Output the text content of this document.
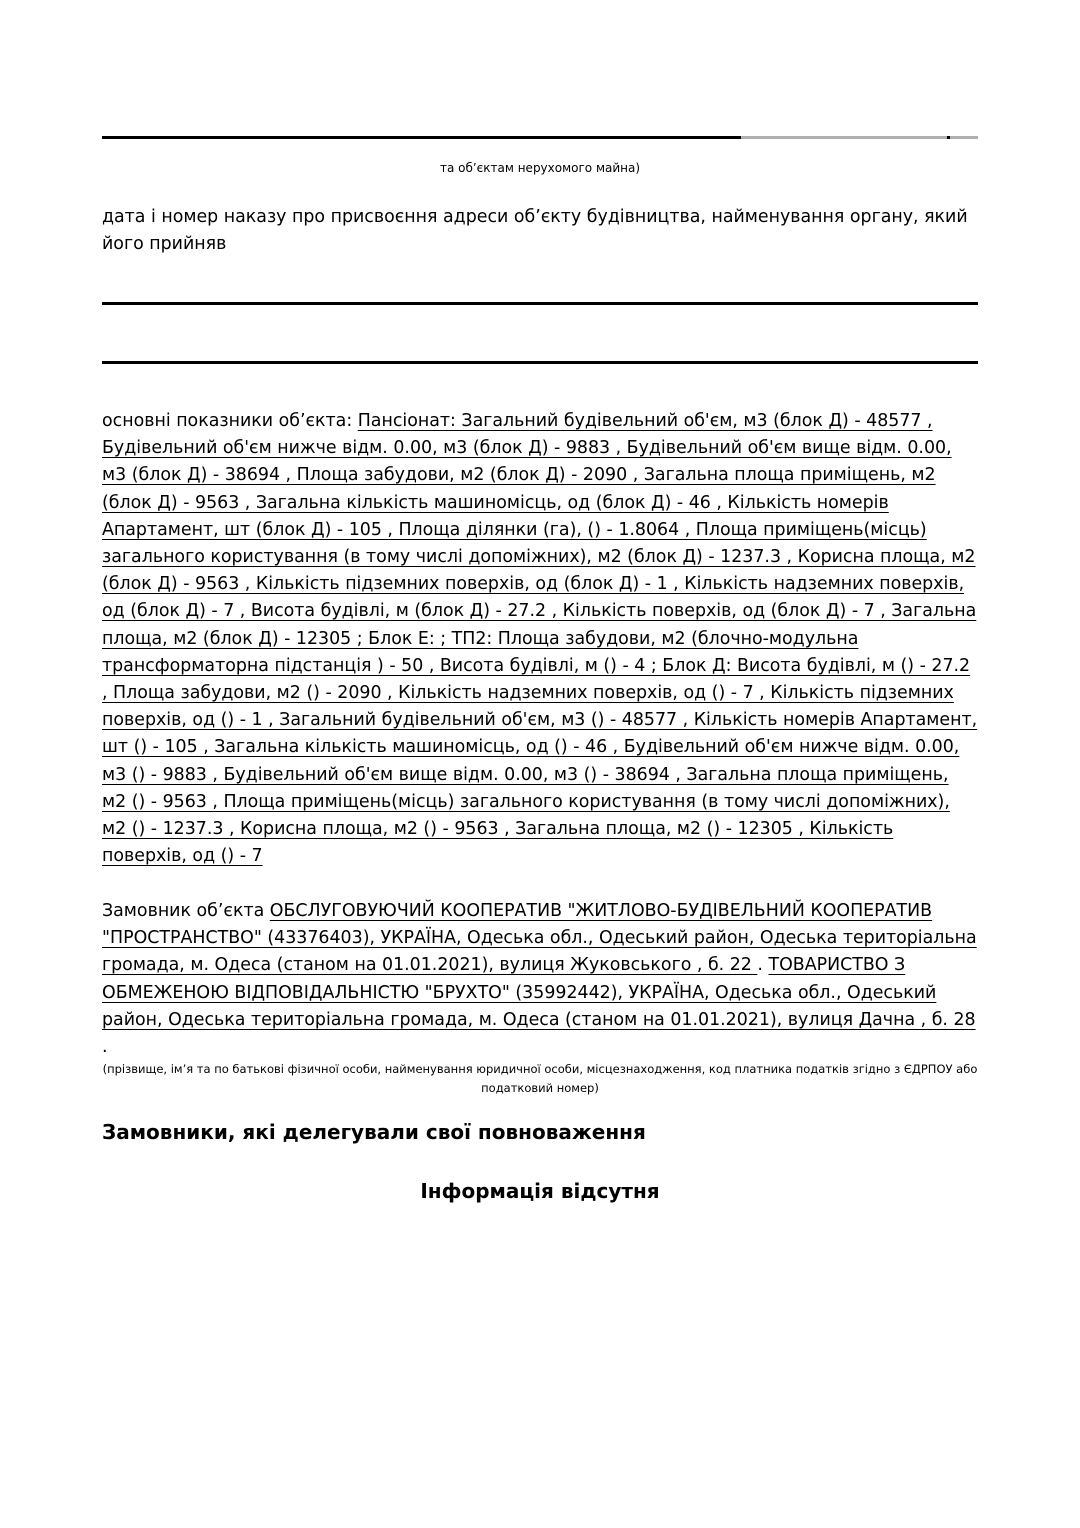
та об’єктам нерухомого майна)
дата і номер наказу про присвоєння адреси об’єкту будівництва, найменування органу, який його прийняв
основні показники об’єкта: Пансіонат: Загальний будівельний об'єм, м3 (блок Д) - 48577 , Будівельний об'єм нижче відм. 0.00, м3 (блок Д) - 9883 , Будівельний об'єм вище відм. 0.00, м3 (блок Д) - 38694 , Площа забудови, м2 (блок Д) - 2090 , Загальна площа приміщень, м2 (блок Д) - 9563 , Загальна кількість машиномісць, од (блок Д) - 46 , Кількість номерів Апартамент, шт (блок Д) - 105 , Площа ділянки (га), () - 1.8064 , Площа приміщень(місць) загального користування (в тому числі допоміжних), м2 (блок Д) - 1237.3 , Корисна площа, м2 (блок Д) - 9563 , Кількість підземних поверхів, од (блок Д) - 1 , Кількість надземних поверхів, од (блок Д) - 7 , Висота будівлі, м (блок Д) - 27.2 , Кількість поверхів, од (блок Д) - 7 , Загальна площа, м2 (блок Д) - 12305 ; Блок Е: ; ТП2: Площа забудови, м2 (блочно-модульна трансформаторна підстанція ) - 50 , Висота будівлі, м () - 4 ; Блок Д: Висота будівлі, м () - 27.2 , Площа забудови, м2 () - 2090 , Кількість надземних поверхів, од () - 7 , Кількість підземних поверхів, од () - 1 , Загальний будівельний об'єм, м3 () - 48577 , Кількість номерів Апартамент, шт () - 105 , Загальна кількість машиномісць, од () - 46 , Будівельний об'єм нижче відм. 0.00, м3 () - 9883 , Будівельний об'єм вище відм. 0.00, м3 () - 38694 , Загальна площа приміщень, м2 () - 9563 , Площа приміщень(місць) загального користування (в тому числі допоміжних), м2 () - 1237.3 , Корисна площа, м2 () - 9563 , Загальна площа, м2 () - 12305 , Кількість поверхів, од () - 7
Замовник об’єкта ОБСЛУГОВУЮЧИЙ КООПЕРАТИВ "ЖИТЛОВО-БУДІВЕЛЬНИЙ КООПЕРАТИВ "ПРОСТРАНСТВО" (43376403), УКРАЇНА, Одеська обл., Одеський район, Одеська територіальна громада, м. Одеса (станом на 01.01.2021), вулиця Жуковського , б. 22 . ТОВАРИСТВО З ОБМЕЖЕНОЮ ВІДПОВІДАЛЬНІСТЮ "БРУХТО" (35992442), УКРАЇНА, Одеська обл., Одеський район, Одеська територіальна громада, м. Одеса (станом на 01.01.2021), вулиця Дачна , б. 28 .
(прізвище, ім’я та по батькові фізичної особи, найменування юридичної особи, місцезнаходження, код платника податків згідно з ЄДРПОУ або податковий номер)
Замовники, які делегували свої повноваження
Інформація відсутня
